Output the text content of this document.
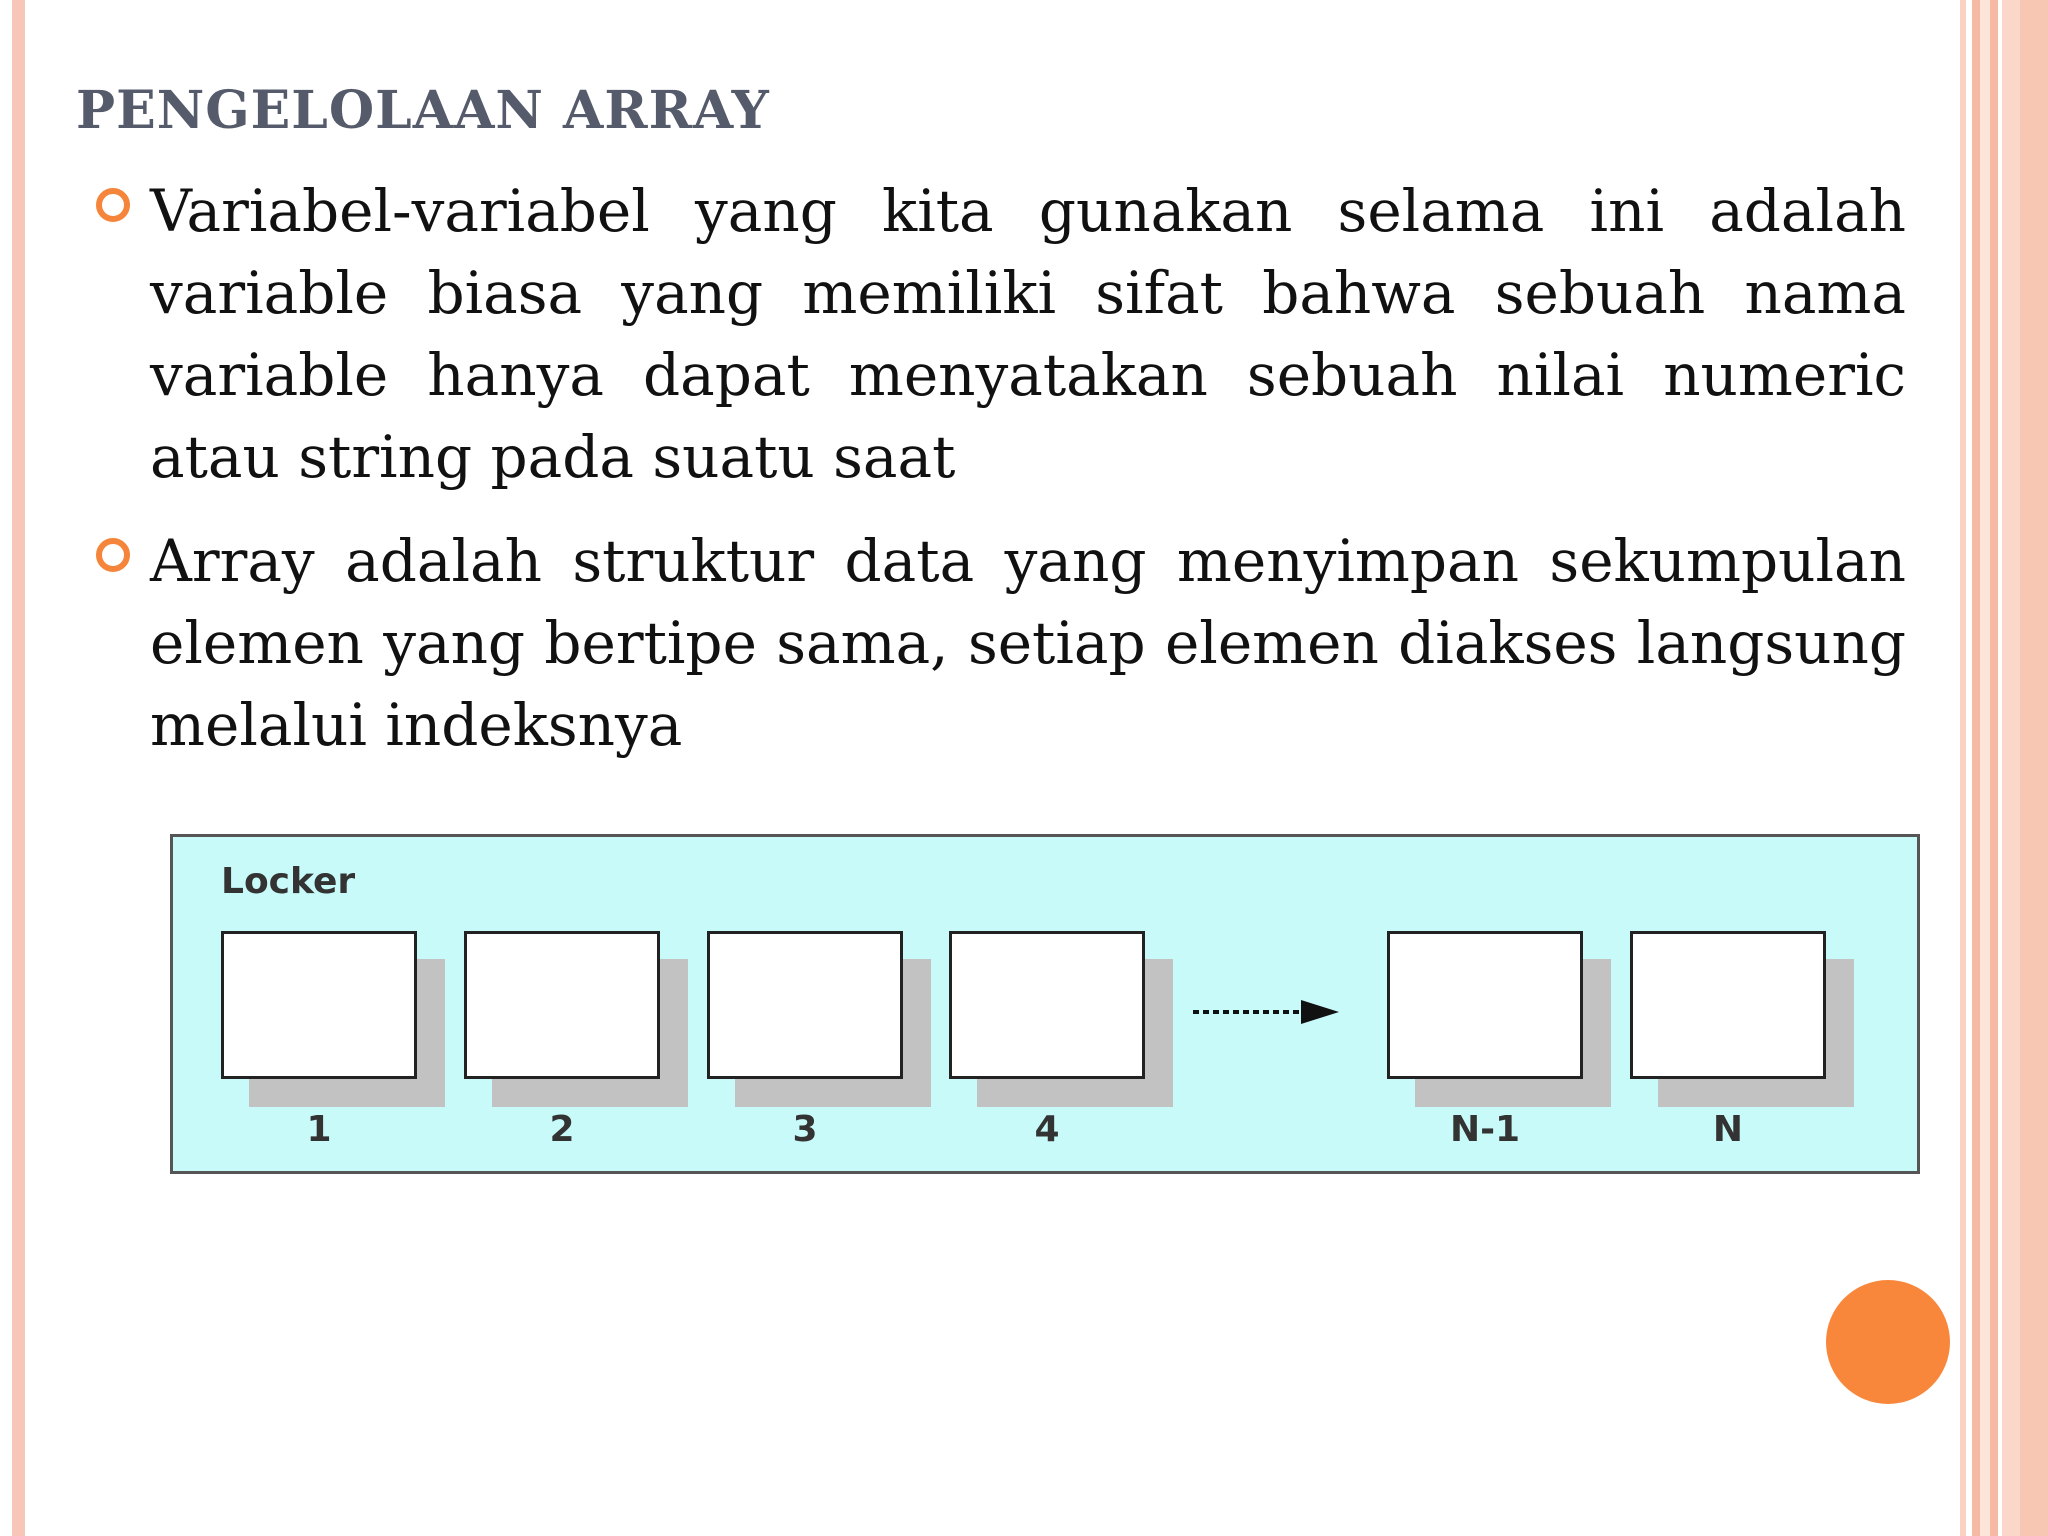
PENGELOLAAN ARRAY
Variabel-variabel yang kita gunakan selama ini adalah variable biasa yang memiliki sifat bahwa sebuah nama variable hanya dapat menyatakan sebuah nilai numeric atau string pada suatu saat
Array adalah struktur data yang menyimpan sekumpulan elemen yang bertipe sama, setiap elemen diakses langsung melalui indeksnya
Locker
1	2	3	4	N-1	N
